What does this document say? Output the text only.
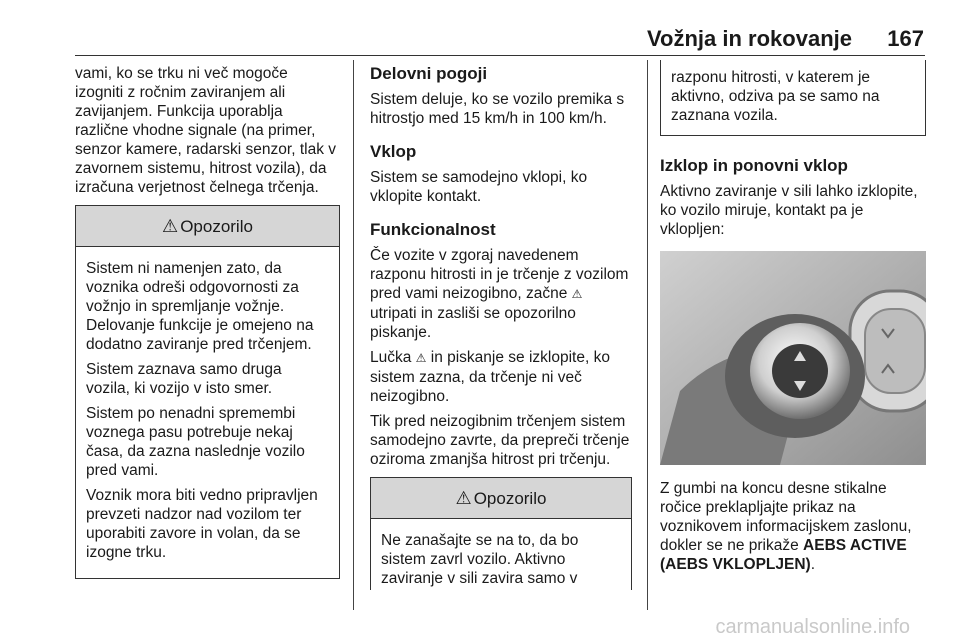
Vožnja in rokovanje 167

vami, ko se trku ni več mogoče izogniti z ročnim zaviranjem ali zavijanjem. Funkcija uporablja različne vhodne signale (na primer, senzor kamere, radarski senzor, tlak v zavornem sistemu, hitrost vozila), da izračuna verjetnost čelnega trčenja.

⚠ Opozorilo

Sistem ni namenjen zato, da voznika odreši odgovornosti za vožnjo in spremljanje vožnje. Delovanje funkcije je omejeno na dodatno zaviranje pred trčenjem.

Sistem zaznava samo druga vozila, ki vozijo v isto smer.

Sistem po nenadni spremembi voznega pasu potrebuje nekaj časa, da zazna naslednje vozilo pred vami.

Voznik mora biti vedno pripravljen prevzeti nadzor nad vozilom ter uporabiti zavore in volan, da se izogne trku.

Delovni pogoji

Sistem deluje, ko se vozilo premika s hitrostjo med 15 km/h in 100 km/h.

Vklop

Sistem se samodejno vklopi, ko vklopite kontakt.

Funkcionalnost

Če vozite v zgoraj navedenem razponu hitrosti in je trčenje z vozilom pred vami neizogibno, začne ⚠ utripati in zasliši se opozorilno piskanje.

Lučka ⚠ in piskanje se izklopite, ko sistem zazna, da trčenje ni več neizogibno.

Tik pred neizogibnim trčenjem sistem samodejno zavrte, da prepreči trčenje oziroma zmanjša hitrost pri trčenju.

⚠ Opozorilo

Ne zanašajte se na to, da bo sistem zavrl vozilo. Aktivno zaviranje v sili zavira samo v

razponu hitrosti, v katerem je aktivno, odziva pa se samo na zaznana vozila.

Izklop in ponovni vklop

Aktivno zaviranje v sili lahko izklopite, ko vozilo miruje, kontakt pa je vklopljen:

Z gumbi na koncu desne stikalne ročice preklapljajte prikaz na voznikovem informacijskem zaslonu, dokler se ne prikaže AEBS ACTIVE (AEBS VKLOPLJEN).

carmanualsonline.info
